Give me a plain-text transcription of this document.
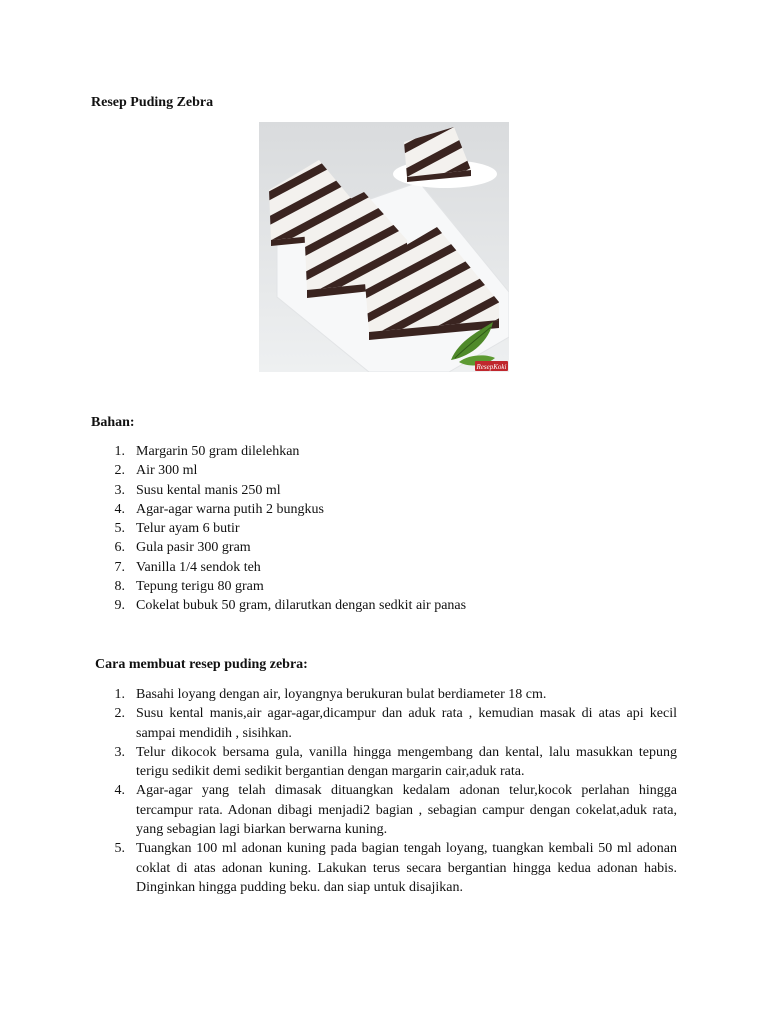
Resep Puding Zebra

ResepKoki

Bahan:

1. Margarin 50 gram dilelehkan
2. Air 300 ml
3. Susu kental manis 250 ml
4. Agar-agar warna putih 2 bungkus
5. Telur ayam 6 butir
6. Gula pasir 300 gram
7. Vanilla 1/4 sendok teh
8. Tepung terigu 80 gram
9. Cokelat bubuk 50 gram, dilarutkan dengan sedkit air panas

Cara membuat resep puding zebra:

1. Basahi loyang dengan air, loyangnya berukuran bulat berdiameter 18 cm.
2. Susu kental manis,air agar-agar,dicampur dan aduk rata , kemudian masak di atas api kecil sampai mendidih , sisihkan.
3. Telur dikocok bersama gula, vanilla hingga mengembang dan kental, lalu masukkan tepung terigu sedikit demi sedikit bergantian dengan margarin cair,aduk rata.
4. Agar-agar yang telah dimasak dituangkan kedalam adonan telur,kocok perlahan hingga tercampur rata. Adonan dibagi menjadi2 bagian , sebagian campur dengan cokelat,aduk rata, yang sebagian lagi biarkan berwarna kuning.
5. Tuangkan 100 ml adonan kuning pada bagian tengah loyang, tuangkan kembali 50 ml adonan coklat di atas adonan kuning. Lakukan terus secara bergantian hingga kedua adonan habis. Dinginkan hingga pudding beku. dan siap untuk disajikan.
